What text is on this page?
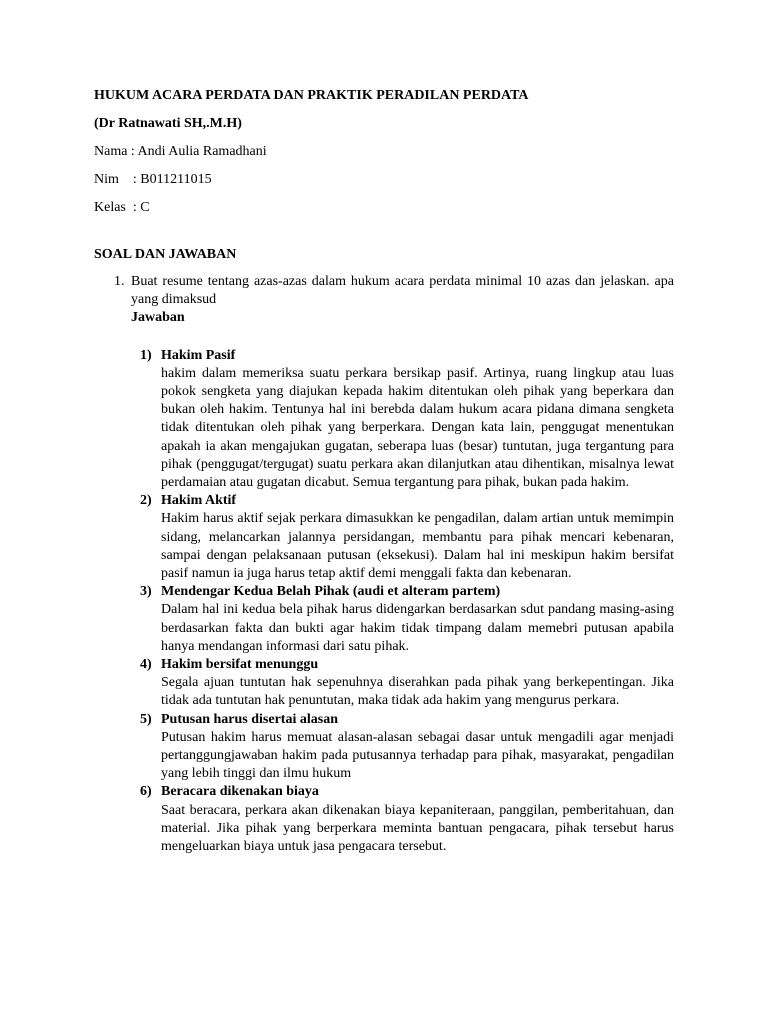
HUKUM ACARA PERDATA DAN PRAKTIK PERADILAN PERDATA

(Dr Ratnawati SH,.M.H)

Nama : Andi Aulia Ramadhani

Nim    : B011211015

Kelas  : C

SOAL DAN JAWABAN

1. Buat resume tentang azas-azas dalam hukum acara perdata minimal 10 azas dan jelaskan. apa yang dimaksud
Jawaban
1) Hakim Pasif
hakim dalam memeriksa suatu perkara bersikap pasif. Artinya, ruang lingkup atau luas pokok sengketa yang diajukan kepada hakim ditentukan oleh pihak yang beperkara dan bukan oleh hakim. Tentunya hal ini berebda dalam hukum acara pidana dimana sengketa tidak ditentukan oleh pihak yang berperkara. Dengan kata lain, penggugat menentukan apakah ia akan mengajukan gugatan, seberapa luas (besar) tuntutan, juga tergantung para pihak (penggugat/tergugat) suatu perkara akan dilanjutkan atau dihentikan, misalnya lewat perdamaian atau gugatan dicabut. Semua tergantung para pihak, bukan pada hakim.
2) Hakim Aktif
Hakim harus aktif sejak perkara dimasukkan ke pengadilan, dalam artian untuk memimpin sidang, melancarkan jalannya persidangan, membantu para pihak mencari kebenaran, sampai dengan pelaksanaan putusan (eksekusi). Dalam hal ini meskipun hakim bersifat pasif namun ia juga harus tetap aktif demi menggali fakta dan kebenaran.
3) Mendengar Kedua Belah Pihak (audi et alteram partem)
Dalam hal ini kedua bela pihak harus didengarkan berdasarkan sdut pandang masing-asing berdasarkan fakta dan bukti agar hakim tidak timpang dalam memebri putusan apabila hanya mendangan informasi dari satu pihak.
4) Hakim bersifat menunggu
Segala ajuan tuntutan hak sepenuhnya diserahkan pada pihak yang berkepentingan. Jika tidak ada tuntutan hak penuntutan, maka tidak ada hakim yang mengurus perkara.
5) Putusan harus disertai alasan
Putusan hakim harus memuat alasan-alasan sebagai dasar untuk mengadili agar menjadi pertanggungjawaban hakim pada putusannya terhadap para pihak, masyarakat, pengadilan yang lebih tinggi dan ilmu hukum
6) Beracara dikenakan biaya
Saat beracara, perkara akan dikenakan biaya kepaniteraan, panggilan, pemberitahuan, dan material. Jika pihak yang berperkara meminta bantuan pengacara, pihak tersebut harus mengeluarkan biaya untuk jasa pengacara tersebut.
